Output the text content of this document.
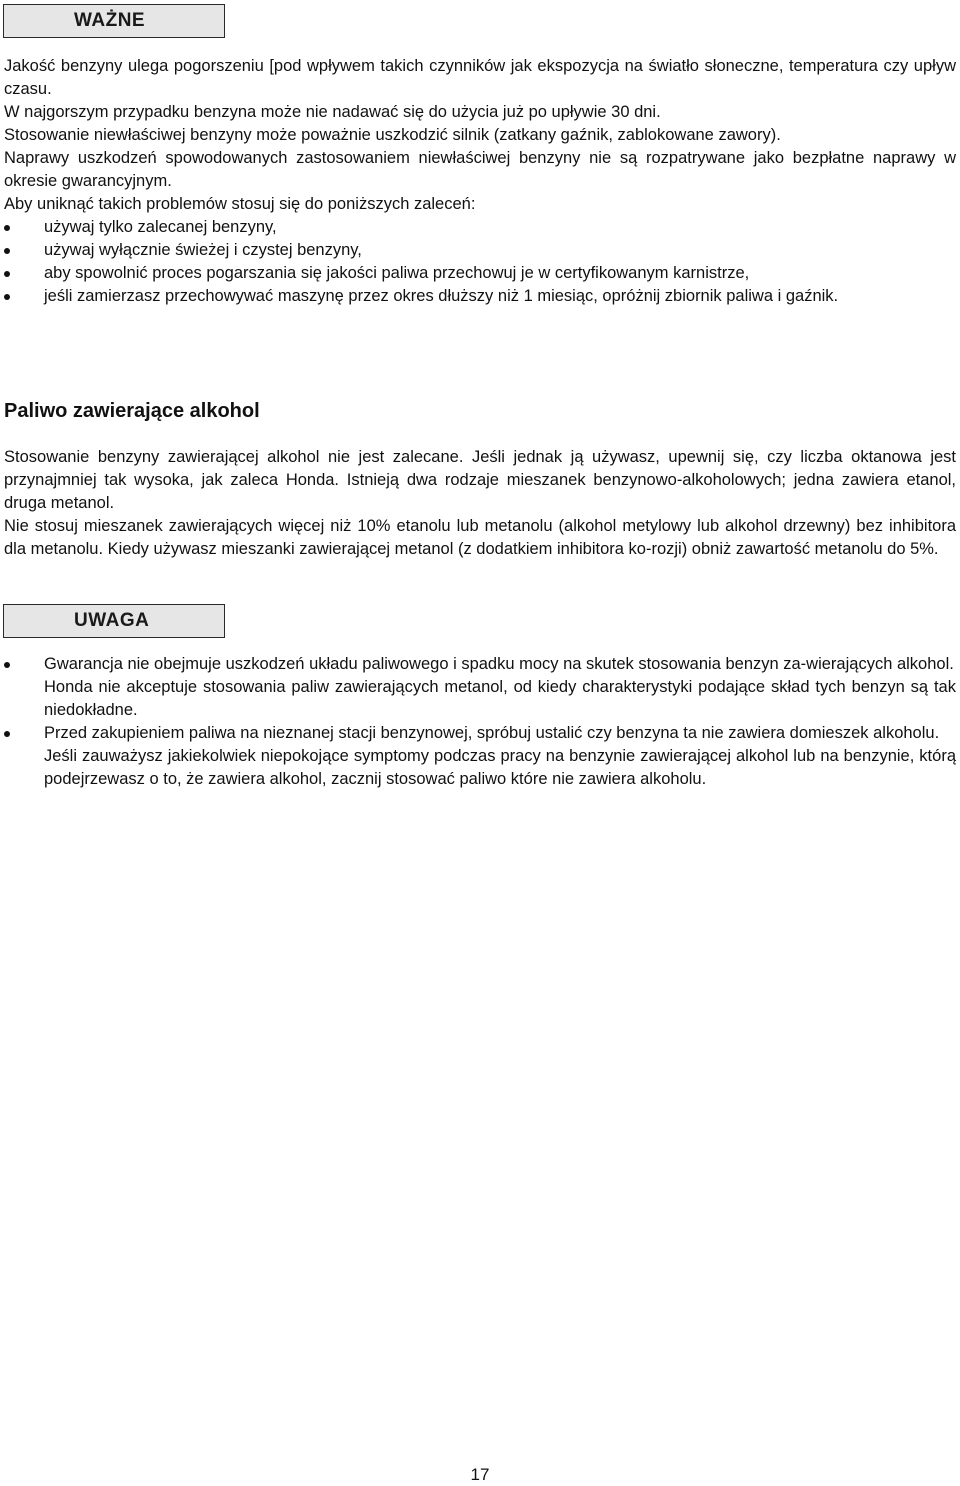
WAŻNE

Jakość benzyny ulega pogorszeniu [pod wpływem takich czynników jak ekspozycja na światło słoneczne, temperatura czy upływ czasu.

W najgorszym przypadku benzyna może nie nadawać się do użycia już po upływie 30 dni.

Stosowanie niewłaściwej benzyny może poważnie uszkodzić silnik (zatkany gaźnik, zablokowane zawory).

Naprawy uszkodzeń spowodowanych zastosowaniem niewłaściwej benzyny nie są rozpatrywane jako bezpłatne naprawy w okresie gwarancyjnym.

Aby uniknąć takich problemów stosuj się do poniższych zaleceń:

używaj tylko zalecanej benzyny,
używaj wyłącznie świeżej i czystej benzyny,
aby spowolnić proces pogarszania się jakości paliwa przechowuj je w certyfikowanym karnistrze,
jeśli zamierzasz przechowywać maszynę przez okres dłuższy niż 1 miesiąc, opróżnij zbiornik paliwa i gaźnik.
Paliwo zawierające alkohol

Stosowanie benzyny zawierającej alkohol nie jest zalecane. Jeśli jednak ją używasz, upewnij się, czy liczba oktanowa jest przynajmniej tak wysoka, jak zaleca Honda. Istnieją dwa rodzaje mieszanek benzynowo-alkoholowych; jedna zawiera etanol, druga metanol.

Nie stosuj mieszanek zawierających więcej niż 10% etanolu lub metanolu (alkohol metylowy lub alkohol drzewny) bez inhibitora dla metanolu. Kiedy używasz mieszanki zawierającej metanol (z dodatkiem inhibitora ko-rozji) obniż zawartość metanolu do 5%.

UWAGA
Gwarancja nie obejmuje uszkodzeń układu paliwowego i spadku mocy na skutek stosowania benzyn za-wierających alkohol.
Honda nie akceptuje stosowania paliw zawierających metanol, od kiedy charakterystyki podające skład tych benzyn są tak niedokładne.
Przed zakupieniem paliwa na nieznanej stacji benzynowej, spróbuj ustalić czy benzyna ta nie zawiera domieszek alkoholu.
Jeśli zauważysz jakiekolwiek niepokojące symptomy podczas pracy na benzynie zawierającej alkohol lub na benzynie, którą podejrzewasz o to, że zawiera alkohol, zacznij stosować paliwo które nie zawiera alkoholu.
17
